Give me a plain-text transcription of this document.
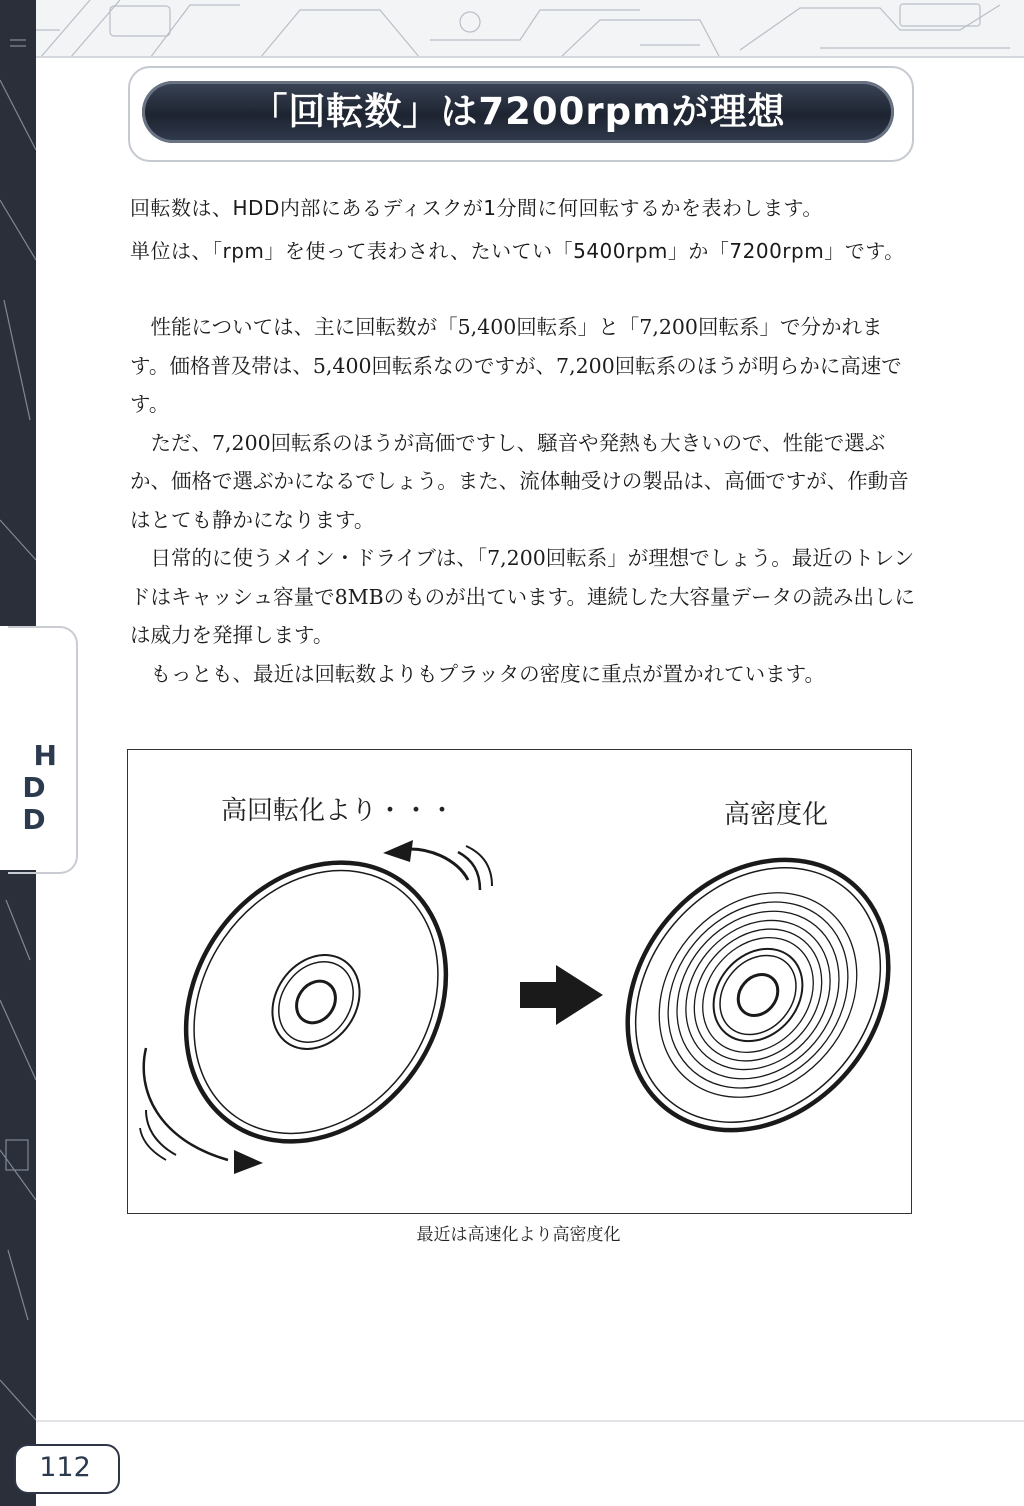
H
D
D

「回転数」は7200rpmが理想
回転数は、HDD内部にあるディスクが1分間に何回転するかを表わします。
単位は、「rpm」を使って表わされ、たいてい「5400rpm」か「7200rpm」です。

性能については、主に回転数が「5,400回転系」と「7,200回転系」で分かれます。価格普及帯は、5,400回転系なのですが、7,200回転系のほうが明らかに高速です。

ただ、7,200回転系のほうが高価ですし、騒音や発熱も大きいので、性能で選ぶか、価格で選ぶかになるでしょう。また、流体軸受けの製品は、高価ですが、作動音はとても静かになります。

日常的に使うメイン・ドライブは、「7,200回転系」が理想でしょう。最近のトレンドはキャッシュ容量で8MBのものが出ています。連続した大容量データの読み出しには威力を発揮します。

もっとも、最近は回転数よりもプラッタの密度に重点が置かれています。

高回転化より・・・	高密度化
最近は高速化より高密度化
112
